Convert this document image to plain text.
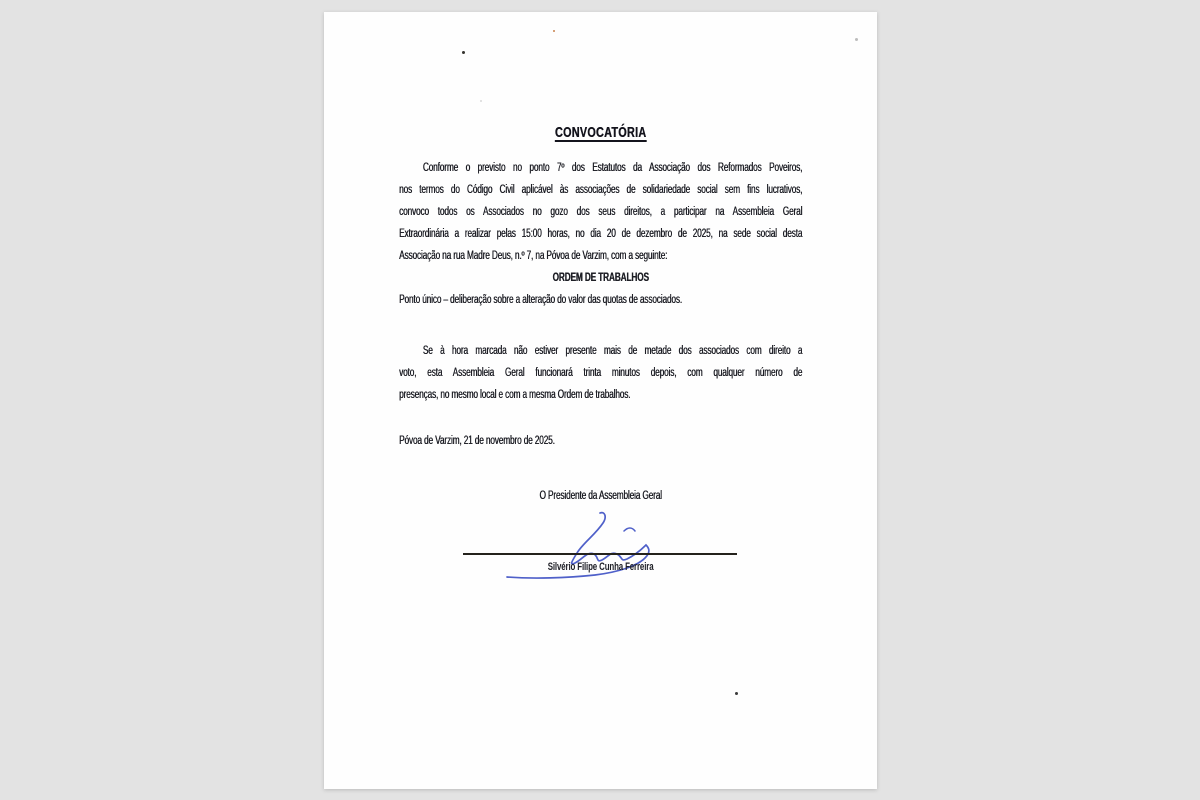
CONVOCATÓRIA
Conforme o previsto no ponto 7º dos Estatutos da Associação dos Reformados Poveiros,
nos termos do Código Civil aplicável às associações de solidariedade social sem fins lucrativos,
convoco todos os Associados no gozo dos seus direitos, a participar na Assembleia Geral
Extraordinária a realizar pelas 15:00 horas, no dia 20 de dezembro de 2025, na sede social desta
Associação na rua Madre Deus, n.º 7, na Póvoa de Varzim, com a seguinte:
ORDEM DE TRABALHOS
Ponto único – deliberação sobre a alteração do valor das quotas de associados.
Se à hora marcada não estiver presente mais de metade dos associados com direito a
voto, esta Assembleia Geral funcionará trinta minutos depois, com qualquer número de
presenças, no mesmo local e com a mesma Ordem de trabalhos.
Póvoa de Varzim, 21 de novembro de 2025.
O Presidente da Assembleia Geral
Silvério Filipe Cunha Ferreira
